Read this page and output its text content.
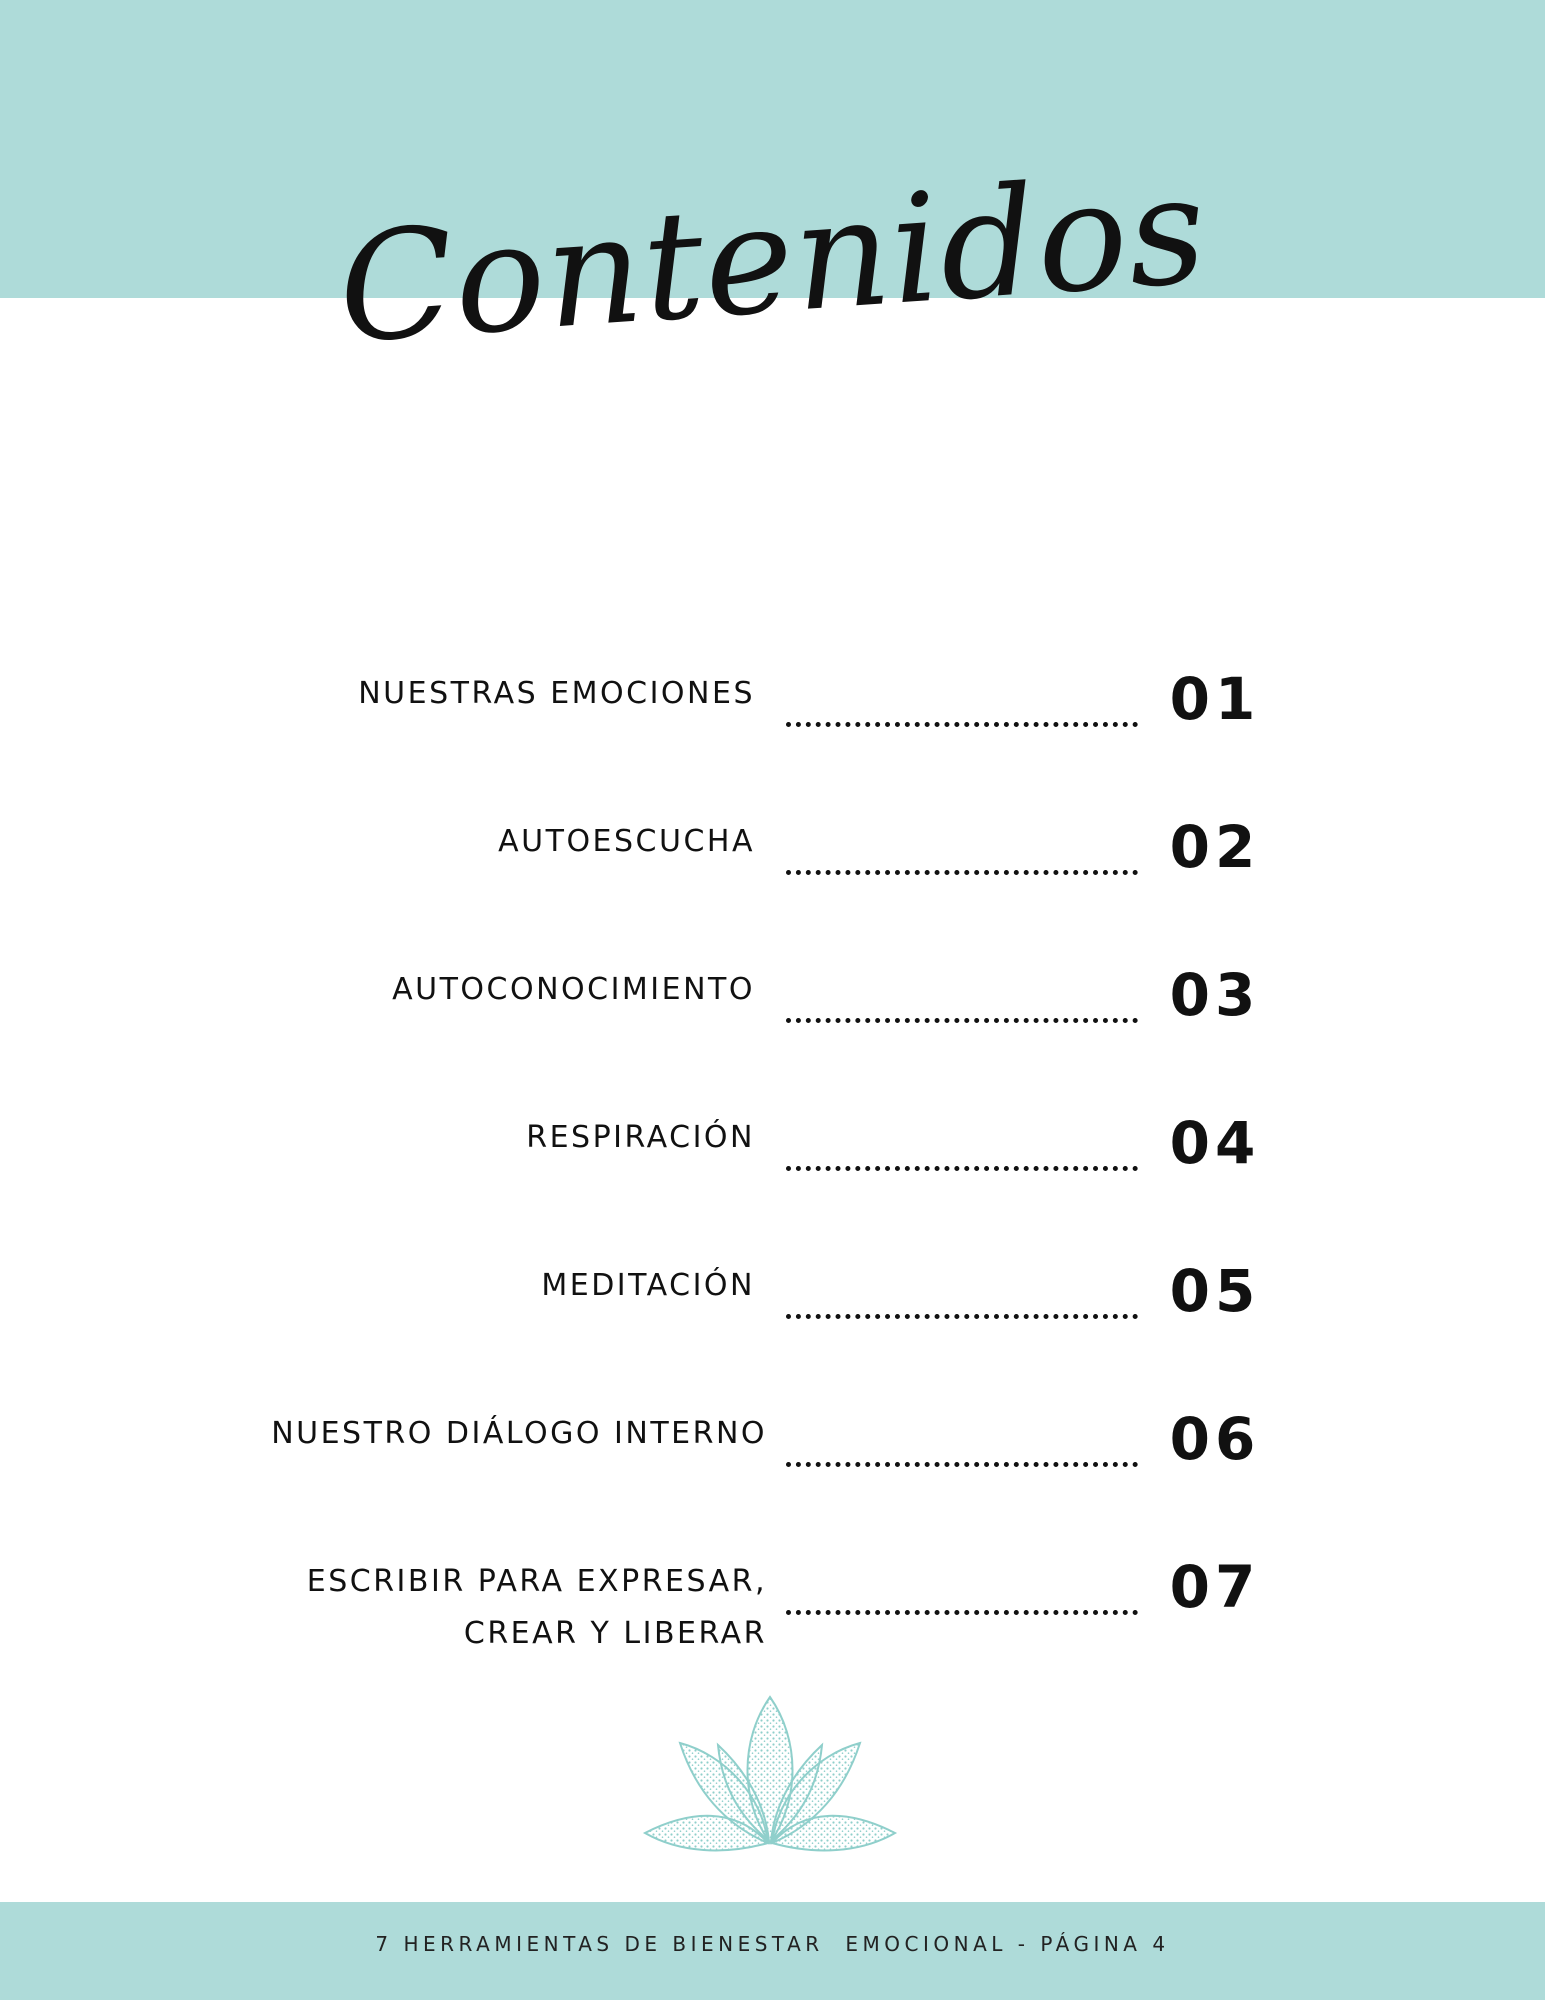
Contenidos
NUESTRAS EMOCIONES	01
AUTOESCUCHA	02
AUTOCONOCIMIENTO	03
RESPIRACIÓN	04
MEDITACIÓN	05
NUESTRO DIÁLOGO INTERNO	06
ESCRIBIR PARA EXPRESAR,
CREAR Y LIBERAR
07
7 HERRAMIENTAS DE BIENESTAR  EMOCIONAL - PÁGINA 4
